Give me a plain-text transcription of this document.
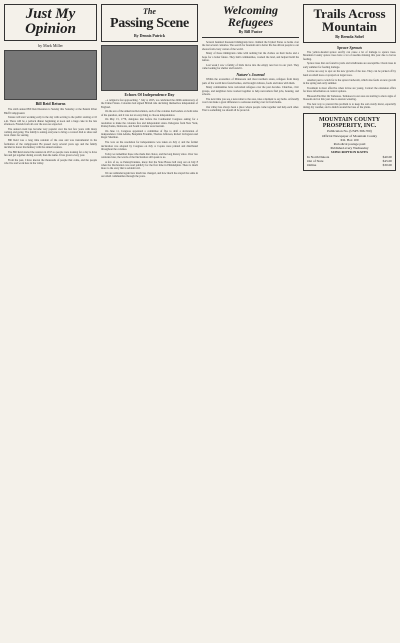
Just My
Opinion
by Mark Miller
Bill Reid Returns

The sixth annual Bill Reid Reunion is Sunday this Saturday at the Pennix River Bluff Campground.

Tenure will start working early in the day with serving to the public starting at 10 a.m. There will be a potluck dinner beginning at noon and a huge cake in the late afternoon. Friends from all over the area are expected.

The annual event has become very popular over the last few years with many coming and going. The family is asking everyone to bring a covered dish to share and lawn chairs for seating.

Bill Reid was a long time resident of the area and was instrumental in the formation of the campground. He passed away several years ago and the family decided to honor his memory with the annual reunion.

The Bill Reid started the reunion in 2015 so people were looking for a day to have fun and get together during overall, then the name. It has grown every year.

From the past, I have known the thousands of people that come, and the people who live and work here in the valley.

The
Passing Scene
By Dennis Patrick
Echoes Of Independence Day

...a religion's fast approaching. " July 4, 2025, we celebrated the 249th anniversary of the United States. Colonists had signed British rule declaring themselves independent of England.

On the eve of the American Revolution, each of the colonies had leaders on both sides of the question, and it was not an easy thing to choose independence.

On May 15, 1776, delegates met before the Continental Congress asking for a resolution to make the colonies free and independent states. Delegates from New York, Pennsylvania, Delaware, and South Carolina were hesitant.

On June 11, Congress appointed a committee of five to draft a declaration of independence: John Adams, Benjamin Franklin, Thomas Jefferson, Robert Livingston and Roger Sherman.

The vote on the resolution for independence was taken on July 2, and the formal declaration was adopted by Congress on July 4. Copies were printed and distributed throughout the colonies.

Today we remember those who made that choice, and the long history since. Over two centuries later, the words of the Declaration still speak to us.

A few of us, as Pennsylvanians, know that the State House bell rang out on July 8 when the Declaration was read publicly for the first time in Philadelphia. There is much more to the story that is seldom told.

We are reminded again how much has changed, and how much has stayed the same in our small communities through the years.

Welcoming
Refugees
By Bill Pastor

Several hundred thousand immigrants have claimed the United States as home over the last several centuries. The search for freedom and a better life has driven people to our shores from every corner of the world.

Many of those immigrants came with nothing but the clothes on their backs and a hope for a better future. They built communities, worked the land, and helped build the nation.

Last week I saw a family of birds move into the empty nest box in our yard. They came looking for shelter and found it.

Nature's Journal

Within the economics of Minnesota and most northern states, refugees from many parts of the world have found homes, and brought cultures, foods and ideas with them.

Many communities have welcomed refugees over the past decades. Churches, civic groups, and neighbors have worked together to help newcomers find jobs, housing, and schools.

The next time you see a newcomer to the area, take a moment to say hello. A friendly word can make a great difference to someone starting over far from home.

Our valley has always been a place where people come together and help each other. That is something we should all be proud of.

Trails Across
Mountain
By Brenda Sobel
Spruce Sprouts

The yellow-headed spruce sawfly can cause a lot of damage to spruce trees. Mountain County spruce trees have a lot of needles missing this year due to larvae feeding.

Spruce trees that are found in yards and windbreaks are susceptible. Check trees in early summer for feeding damage.

Larvae are easy to spot on the new growth of the tree. They can be picked off by hand on small trees or sprayed on larger trees.

Another pest to watch for is the spruce budworm, which also feeds on new growth in the spring and early summer.

Treatment is most effective when larvae are young. Contact the extension office for more information on control options.

Blossom End Rot On Tomatoes. Tomatoes in our area are starting to show signs of blossom end rot this year due to uneven watering.

The best way to prevent this problem is to keep the soil evenly moist, especially during dry weather, and to mulch around the base of the plants.

MOUNTAIN COUNTY PROSPERITY, INC.
Publication No. (USPS 366-700)
Official Newspaper of Mountain County
P.O. Box 100
Periodical postage paid
Published every Wednesday
SUBSCRIPTION RATES
In North Dakota	$40.00
Out of State	$45.00
Online	$30.00
